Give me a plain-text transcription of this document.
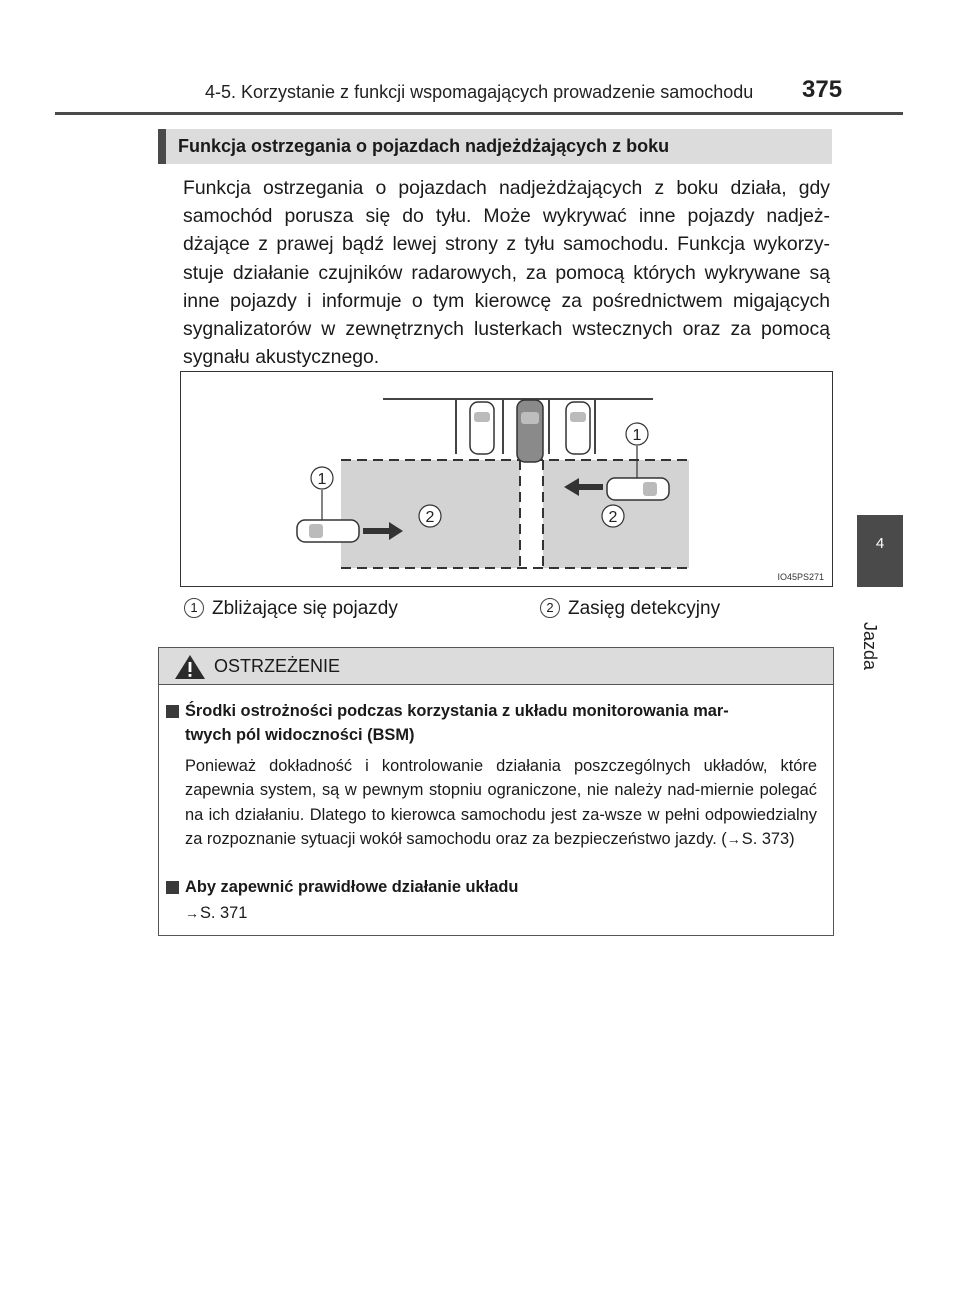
4-5. Korzystanie z funkcji wspomagających prowadzenie samochodu 375
4
Jazda
Funkcja ostrzegania o pojazdach nadjeżdżających z boku
Funkcja ostrzegania o pojazdach nadjeżdżających z boku działa, gdy samochód porusza się do tyłu. Może wykrywać inne pojazdy nadjeż-dżające z prawej bądź lewej strony z tyłu samochodu. Funkcja wykorzy-stuje działanie czujników radarowych, za pomocą których wykrywane są inne pojazdy i informuje o tym kierowcę za pośrednictwem migających sygnalizatorów w zewnętrznych lusterkach wstecznych oraz za pomocą sygnału akustycznego.
1
1
2	2
IO45PS271
1 Zbliżające się pojazdy	2 Zasięg detekcyjny
OSTRZEŻENIE
Środki ostrożności podczas korzystania z układu monitorowania mar-
twych pól widoczności (BSM)
Ponieważ dokładność i kontrolowanie działania poszczególnych układów, które zapewnia system, są w pewnym stopniu ograniczone, nie należy nad-miernie polegać na ich działaniu. Dlatego to kierowca samochodu jest za-wsze w pełni odpowiedzialny za rozpoznanie sytuacji wokół samochodu oraz za bezpieczeństwo jazdy. (→S. 373)
Aby zapewnić prawidłowe działanie układu
→S. 371
